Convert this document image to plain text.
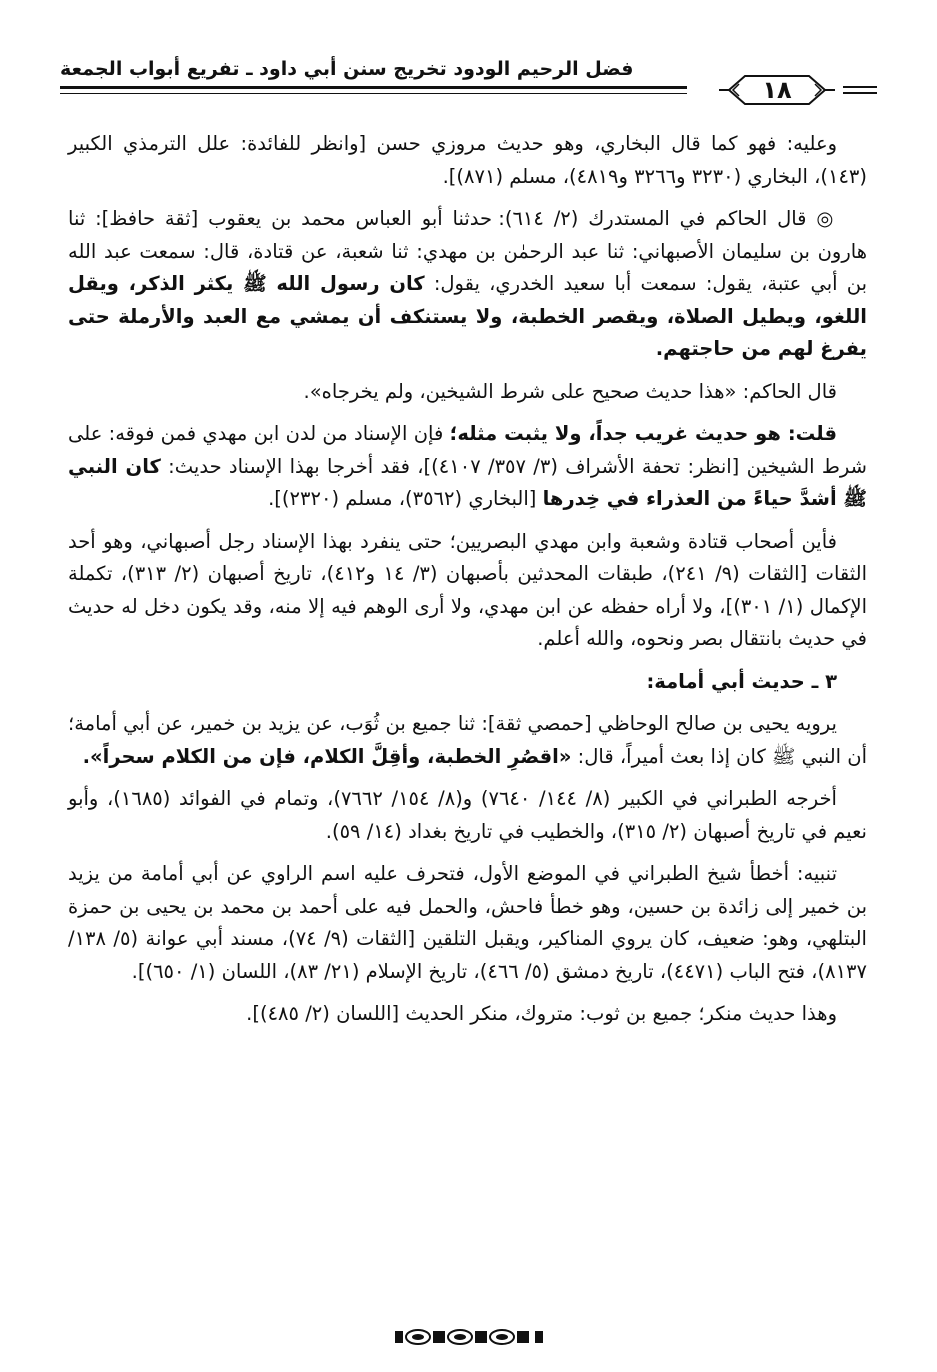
فضل الرحيم الودود تخريج سنن أبي داود ـ تفريع أبواب الجمعة
١٨

وعليه: فهو كما قال البخاري، وهو حديث مروزي حسن [وانظر للفائدة: علل الترمذي الكبير (١٤٣)، البخاري (٣٢٣٠ و٣٢٦٦ و٤٨١٩)، مسلم (٨٧١)].

◎ قال الحاكم في المستدرك (٢/ ٦١٤): حدثنا أبو العباس محمد بن يعقوب [ثقة حافظ]: ثنا هارون بن سليمان الأصبهاني: ثنا عبد الرحمٰن بن مهدي: ثنا شعبة، عن قتادة، قال: سمعت عبد الله بن أبي عتبة، يقول: سمعت أبا سعيد الخدري، يقول: كان رسول الله ﷺ يكثر الذكر، ويقل اللغو، ويطيل الصلاة، ويقصر الخطبة، ولا يستنكف أن يمشي مع العبد والأرملة حتى يفرغ لهم من حاجتهم.

قال الحاكم: «هذا حديث صحيح على شرط الشيخين، ولم يخرجاه».

قلت: هو حديث غريب جداً، ولا يثبت مثله؛ فإن الإسناد من لدن ابن مهدي فمن فوقه: على شرط الشيخين [انظر: تحفة الأشراف (٣/ ٣٥٧/ ٤١٠٧)]، فقد أخرجا بهذا الإسناد حديث: كان النبي ﷺ أشدَّ حياءً من العذراء في خِدرها [البخاري (٣٥٦٢)، مسلم (٢٣٢٠)].

فأين أصحاب قتادة وشعبة وابن مهدي البصريين؛ حتى ينفرد بهذا الإسناد رجل أصبهاني، وهو أحد الثقات [الثقات (٩/ ٢٤١)، طبقات المحدثين بأصبهان (٣/ ١٤ و٤١٢)، تاريخ أصبهان (٢/ ٣١٣)، تكملة الإكمال (١/ ٣٠١)]، ولا أراه حفظه عن ابن مهدي، ولا أرى الوهم فيه إلا منه، وقد يكون دخل له حديث في حديث بانتقال بصر ونحوه، والله أعلم.

٣ ـ حديث أبي أمامة:

يرويه يحيى بن صالح الوحاظي [حمصي ثقة]: ثنا جميع بن ثُوَب، عن يزيد بن خمير، عن أبي أمامة؛ أن النبي ﷺ كان إذا بعث أميراً، قال: «اقصُرِ الخطبة، وأقِلَّ الكلام، فإن من الكلام سحراً».

أخرجه الطبراني في الكبير (٨/ ١٤٤/ ٧٦٤٠) و(٨/ ١٥٤/ ٧٦٦٢)، وتمام في الفوائد (١٦٨٥)، وأبو نعيم في تاريخ أصبهان (٢/ ٣١٥)، والخطيب في تاريخ بغداد (١٤/ ٥٩).

تنبيه: أخطأ شيخ الطبراني في الموضع الأول، فتحرف عليه اسم الراوي عن أبي أمامة من يزيد بن خمير إلى زائدة بن حسين، وهو خطأ فاحش، والحمل فيه على أحمد بن محمد بن يحيى بن حمزة البتلهي، وهو: ضعيف، كان يروي المناكير، ويقبل التلقين [الثقات (٩/ ٧٤)، مسند أبي عوانة (٥/ ١٣٨/ ٨١٣٧)، فتح الباب (٤٤٧١)، تاريخ دمشق (٥/ ٤٦٦)، تاريخ الإسلام (٢١/ ٨٣)، اللسان (١/ ٦٥٠)].

وهذا حديث منكر؛ جميع بن ثوب: متروك، منكر الحديث [اللسان (٢/ ٤٨٥)].
